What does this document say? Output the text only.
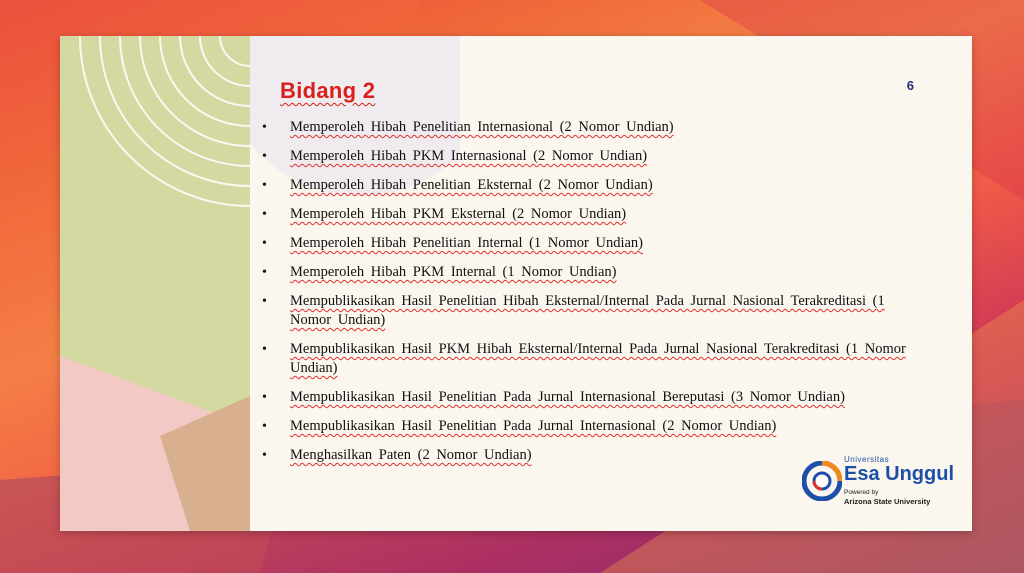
Bidang 2	6
• Memperoleh Hibah Penelitian Internasional (2 Nomor Undian)
• Memperoleh Hibah PKM Internasional (2 Nomor Undian)
• Memperoleh Hibah Penelitian Eksternal (2 Nomor Undian)
• Memperoleh Hibah PKM Eksternal (2 Nomor Undian)
• Memperoleh Hibah Penelitian Internal (1 Nomor Undian)
• Memperoleh Hibah PKM Internal (1 Nomor Undian)
• Mempublikasikan Hasil Penelitian Hibah Eksternal/Internal Pada Jurnal Nasional Terakreditasi (1 Nomor Undian)
• Mempublikasikan Hasil PKM Hibah Eksternal/Internal Pada Jurnal Nasional Terakreditasi (1 Nomor Undian)
• Mempublikasikan Hasil Penelitian Pada Jurnal Internasional Bereputasi (3 Nomor Undian)
• Mempublikasikan Hasil Penelitian Pada Jurnal Internasional (2 Nomor Undian)
• Menghasilkan Paten (2 Nomor Undian)	Universitas
Esa Unggul
Powered by
Arizona State University
